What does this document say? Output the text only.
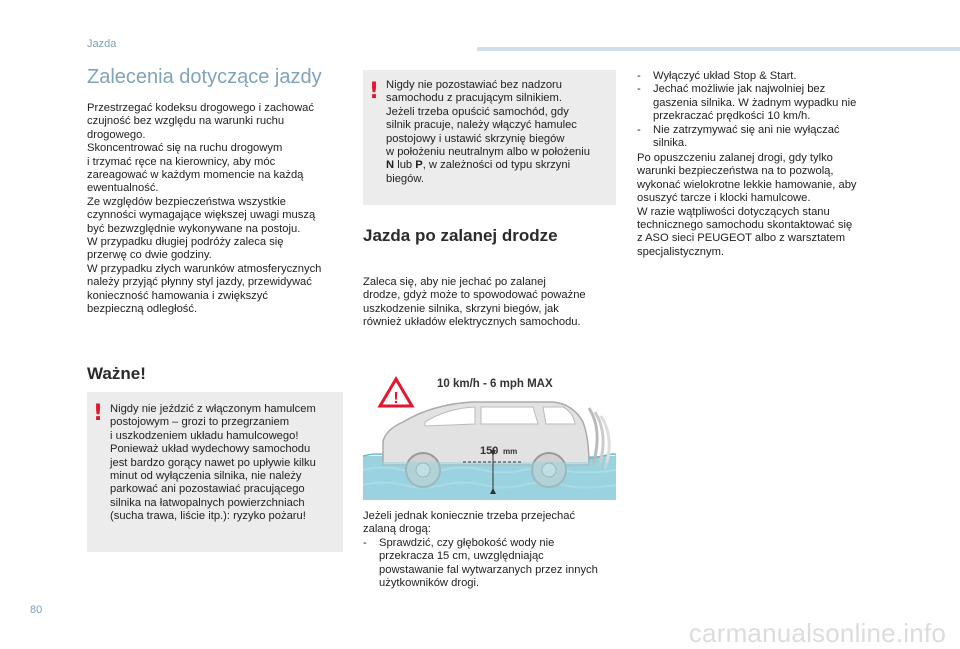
Jazda
Zalecenia dotyczące jazdy

Przestrzegać kodeksu drogowego i zachować
czujność bez względu na warunki ruchu
drogowego.
Skoncentrować się na ruchu drogowym
i trzymać ręce na kierownicy, aby móc
zareagować w każdym momencie na każdą
ewentualność.
Ze względów bezpieczeństwa wszystkie
czynności wymagające większej uwagi muszą
być bezwzględnie wykonywane na postoju.
W przypadku długiej podróży zaleca się
przerwę co dwie godziny.
W przypadku złych warunków atmosferycznych
należy przyjąć płynny styl jazdy, przewidywać
konieczność hamowania i zwiększyć
bezpieczną odległość.

Ważne!
! Nigdy nie jeździć z włączonym hamulcem
postojowym – grozi to przegrzaniem
i uszkodzeniem układu hamulcowego!
Ponieważ układ wydechowy samochodu
jest bardzo gorący nawet po upływie kilku
minut od wyłączenia silnika, nie należy
parkować ani pozostawiać pracującego
silnika na łatwopalnych powierzchniach
(sucha trawa, liście itp.): ryzyko pożaru!

! Nigdy nie pozostawiać bez nadzoru
samochodu z pracującym silnikiem.
Jeżeli trzeba opuścić samochód, gdy
silnik pracuje, należy włączyć hamulec
postojowy i ustawić skrzynię biegów
w położeniu neutralnym albo w położeniu
N lub P, w zależności od typu skrzyni
biegów.

Jazda po zalanej drodze

Zaleca się, aby nie jechać po zalanej
drodze, gdyż może to spowodować poważne
uszkodzenie silnika, skrzyni biegów, jak
również układów elektrycznych samochodu.

!
10 km/h - 6 mph MAX
150 mm

Jeżeli jednak koniecznie trzeba przejechać
zalaną drogą:

- Sprawdzić, czy głębokość wody nie
przekracza 15 cm, uwzględniając
powstawanie fal wytwarzanych przez innych
użytkowników drogi.
- Wyłączyć układ Stop & Start.
- Jechać możliwie jak najwolniej bez
gaszenia silnika. W żadnym wypadku nie
przekraczać prędkości 10 km/h.
- Nie zatrzymywać się ani nie wyłączać
silnika.

Po opuszczeniu zalanej drogi, gdy tylko
warunki bezpieczeństwa na to pozwolą,
wykonać wielokrotne lekkie hamowanie, aby
osuszyć tarcze i klocki hamulcowe.
W razie wątpliwości dotyczących stanu
technicznego samochodu skontaktować się
z ASO sieci PEUGEOT albo z warsztatem
specjalistycznym.

80
carmanualsonline.info
